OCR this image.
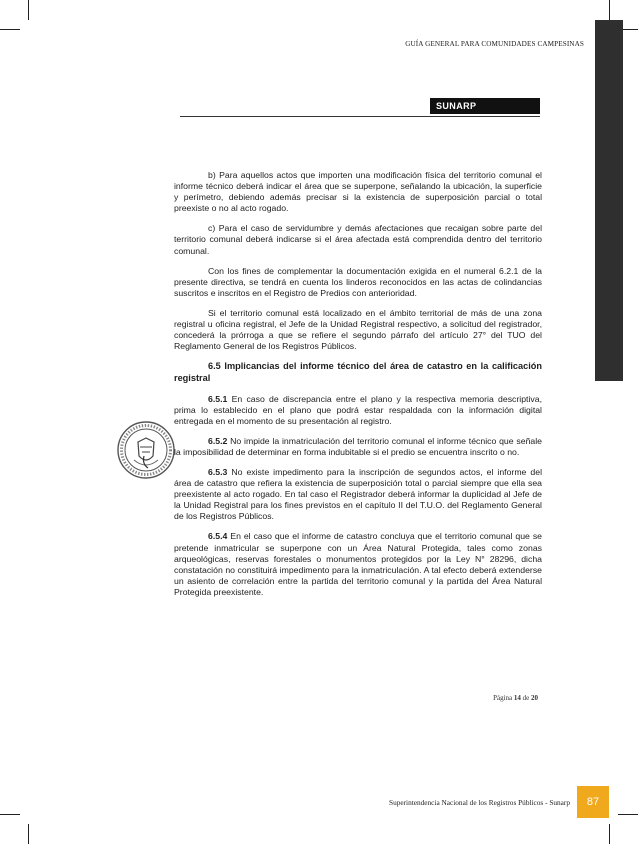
GUÍA GENERAL PARA COMUNIDADES CAMPESINAS
SUNARP

b) Para aquellos actos que importen una modificación física del territorio comunal el informe técnico deberá indicar el área que se superpone, señalando la ubicación, la superficie y perímetro, debiendo además precisar si la existencia de superposición parcial o total preexiste o no al acto rogado.

c) Para el caso de servidumbre y demás afectaciones que recaigan sobre parte del territorio comunal deberá indicarse si el área afectada está comprendida dentro del territorio comunal.

Con los fines de complementar la documentación exigida en el numeral 6.2.1 de la presente directiva, se tendrá en cuenta los linderos reconocidos en las actas de colindancias suscritos e inscritos en el Registro de Predios con anterioridad.

Si el territorio comunal está localizado en el ámbito territorial de más de una zona registral u oficina registral, el Jefe de la Unidad Registral respectivo, a solicitud del registrador, concederá la prórroga a que se refiere el segundo párrafo del artículo 27° del TUO del Reglamento General de los Registros Públicos.

6.5 Implicancias del informe técnico del área de catastro en la calificación registral

6.5.1 En caso de discrepancia entre el plano y la respectiva memoria descriptiva, prima lo establecido en el plano que podrá estar respaldada con la información digital entregada en el momento de su presentación al registro.

6.5.2 No impide la inmatriculación del territorio comunal el informe técnico que señale la imposibilidad de determinar en forma indubitable si el predio se encuentra inscrito o no.

6.5.3 No existe impedimento para la inscripción de segundos actos, el informe del área de catastro que refiera la existencia de superposición total o parcial siempre que ella sea preexistente al acto rogado. En tal caso el Registrador deberá informar la duplicidad al Jefe de la Unidad Registral para los fines previstos en el capítulo II del T.U.O. del Reglamento General de los Registros Públicos.

6.5.4 En el caso que el informe de catastro concluya que el territorio comunal que se pretende inmatricular se superpone con un Área Natural Protegida, tales como zonas arqueológicas, reservas forestales o monumentos protegidos por la Ley N° 28296, dicha constatación no constituirá impedimento para la inmatriculación. A tal efecto deberá extenderse un asiento de correlación entre la partida del territorio comunal y la partida del Área Natural Protegida preexistente.

Página 14 de 20
Superintendencia Nacional de los Registros Públicos - Sunarp	87
